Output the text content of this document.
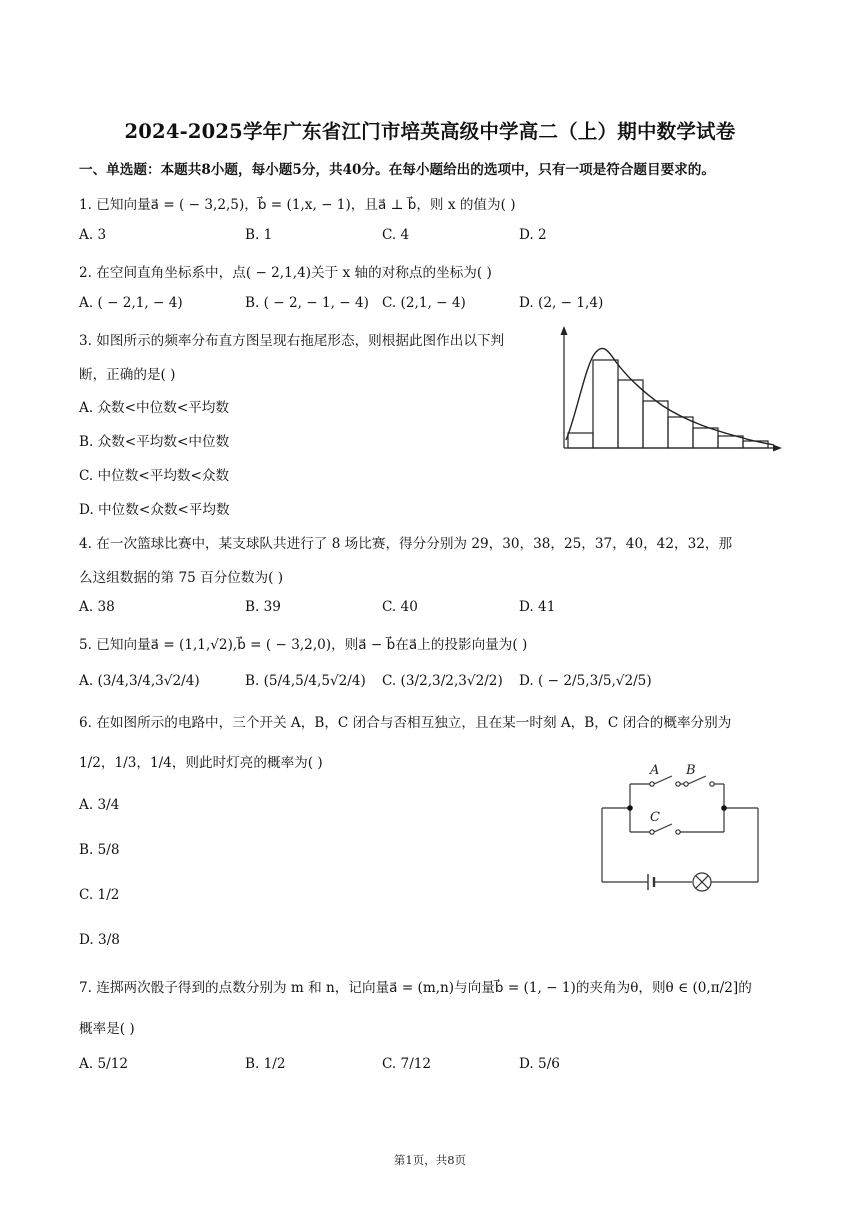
2024-2025学年广东省江门市培英高级中学高二（上）期中数学试卷
一、单选题：本题共8小题，每小题5分，共40分。在每小题给出的选项中，只有一项是符合题目要求的。
1. 已知向量a⃗ = ( − 3,2,5)，b⃗ = (1,x, − 1)，且a⃗ ⊥ b⃗，则 x 的值为( )
A. 3	B. 1	C. 4	D. 2
2. 在空间直角坐标系中，点( − 2,1,4)关于 x 轴的对称点的坐标为( )
A. ( − 2,1, − 4)	B. ( − 2, − 1, − 4) C. (2,1, − 4)	D. (2, − 1,4)
3. 如图所示的频率分布直方图呈现右拖尾形态，则根据此图作出以下判
断，正确的是( )
A. 众数<中位数<平均数
B. 众数<平均数<中位数
C. 中位数<平均数<众数
D. 中位数<众数<平均数
4. 在一次篮球比赛中，某支球队共进行了 8 场比赛，得分分别为 29，30，38，25，37，40，42，32，那
么这组数据的第 75 百分位数为( )
A. 38	B. 39	C. 40	D. 41
5. 已知向量a⃗ = (1,1,√2),b⃗ = ( − 3,2,0)，则a⃗ − b⃗在a⃗上的投影向量为( )
A. (3/4,3/4,3√2/4)	B. (5/4,5/4,5√2/4) C. (3/2,3/2,3√2/2) D. ( − 2/5,3/5,√2/5)
6. 在如图所示的电路中，三个开关 A，B，C 闭合与否相互独立，且在某一时刻 A，B，C 闭合的概率分别为
1/2，1/3，1/4，则此时灯亮的概率为( )
A. 3/4
B. 5/8
C. 1/2
D. 3/8
A B
C
7. 连掷两次骰子得到的点数分别为 m 和 n，记向量a⃗ = (m,n)与向量b⃗ = (1, − 1)的夹角为θ，则θ ∈ (0,π/2]的
概率是( )
A. 5/12	B. 1/2	C. 7/12	D. 5/6
第1页，共8页
